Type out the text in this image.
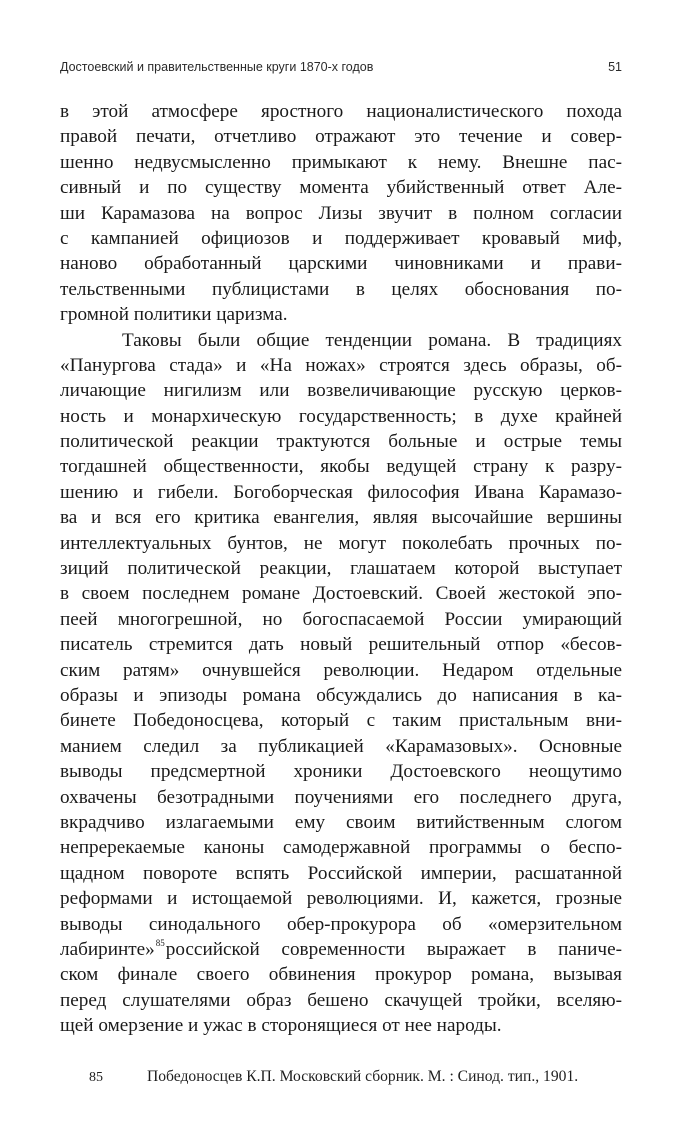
Достоевский и правительственные круги 1870-х годов	51
в этой атмосфере яростного националистического похода
правой печати, отчетливо отражают это течение и совер-
шенно недвусмысленно примыкают к нему. Внешне пас-
сивный и по существу момента убийственный ответ Але-
ши Карамазова на вопрос Лизы звучит в полном согласии
с кампанией официозов и поддерживает кровавый миф,
наново обработанный царскими чиновниками и прави-
тельственными публицистами в целях обоснования по-
громной политики царизма.
Таковы были общие тенденции романа. В традициях
«Панургова стада» и «На ножах» строятся здесь образы, об-
личающие нигилизм или возвеличивающие русскую церков-
ность и монархическую государственность; в духе крайней
политической реакции трактуются больные и острые темы
тогдашней общественности, якобы ведущей страну к разру-
шению и гибели. Богоборческая философия Ивана Карамазо-
ва и вся его критика евангелия, являя высочайшие вершины
интеллектуальных бунтов, не могут поколебать прочных по-
зиций политической реакции, глашатаем которой выступает
в своем последнем романе Достоевский. Своей жестокой эпо-
пеей многогрешной, но богоспасаемой России умирающий
писатель стремится дать новый решительный отпор «бесов-
ским ратям» очнувшейся революции. Недаром отдельные
образы и эпизоды романа обсуждались до написания в ка-
бинете Победоносцева, который с таким пристальным вни-
манием следил за публикацией «Карамазовых». Основные
выводы предсмертной хроники Достоевского неощутимо
охвачены безотрадными поучениями его последнего друга,
вкрадчиво излагаемыми ему своим витийственным слогом
непререкаемые каноны самодержавной программы о беспо-
щадном повороте вспять Российской империи, расшатанной
реформами и истощаемой революциями. И, кажется, грозные
выводы синодального обер-прокурора об «омерзительном
лабиринте»$^{85}$российской современности выражает в паниче-
ском финале своего обвинения прокурор романа, вызывая
перед слушателями образ бешено скачущей тройки, вселяю-
щей омерзение и ужас в сторонящиеся от нее народы.
85	Победоносцев К.П. Московский сборник. М. : Синод. тип., 1901.
